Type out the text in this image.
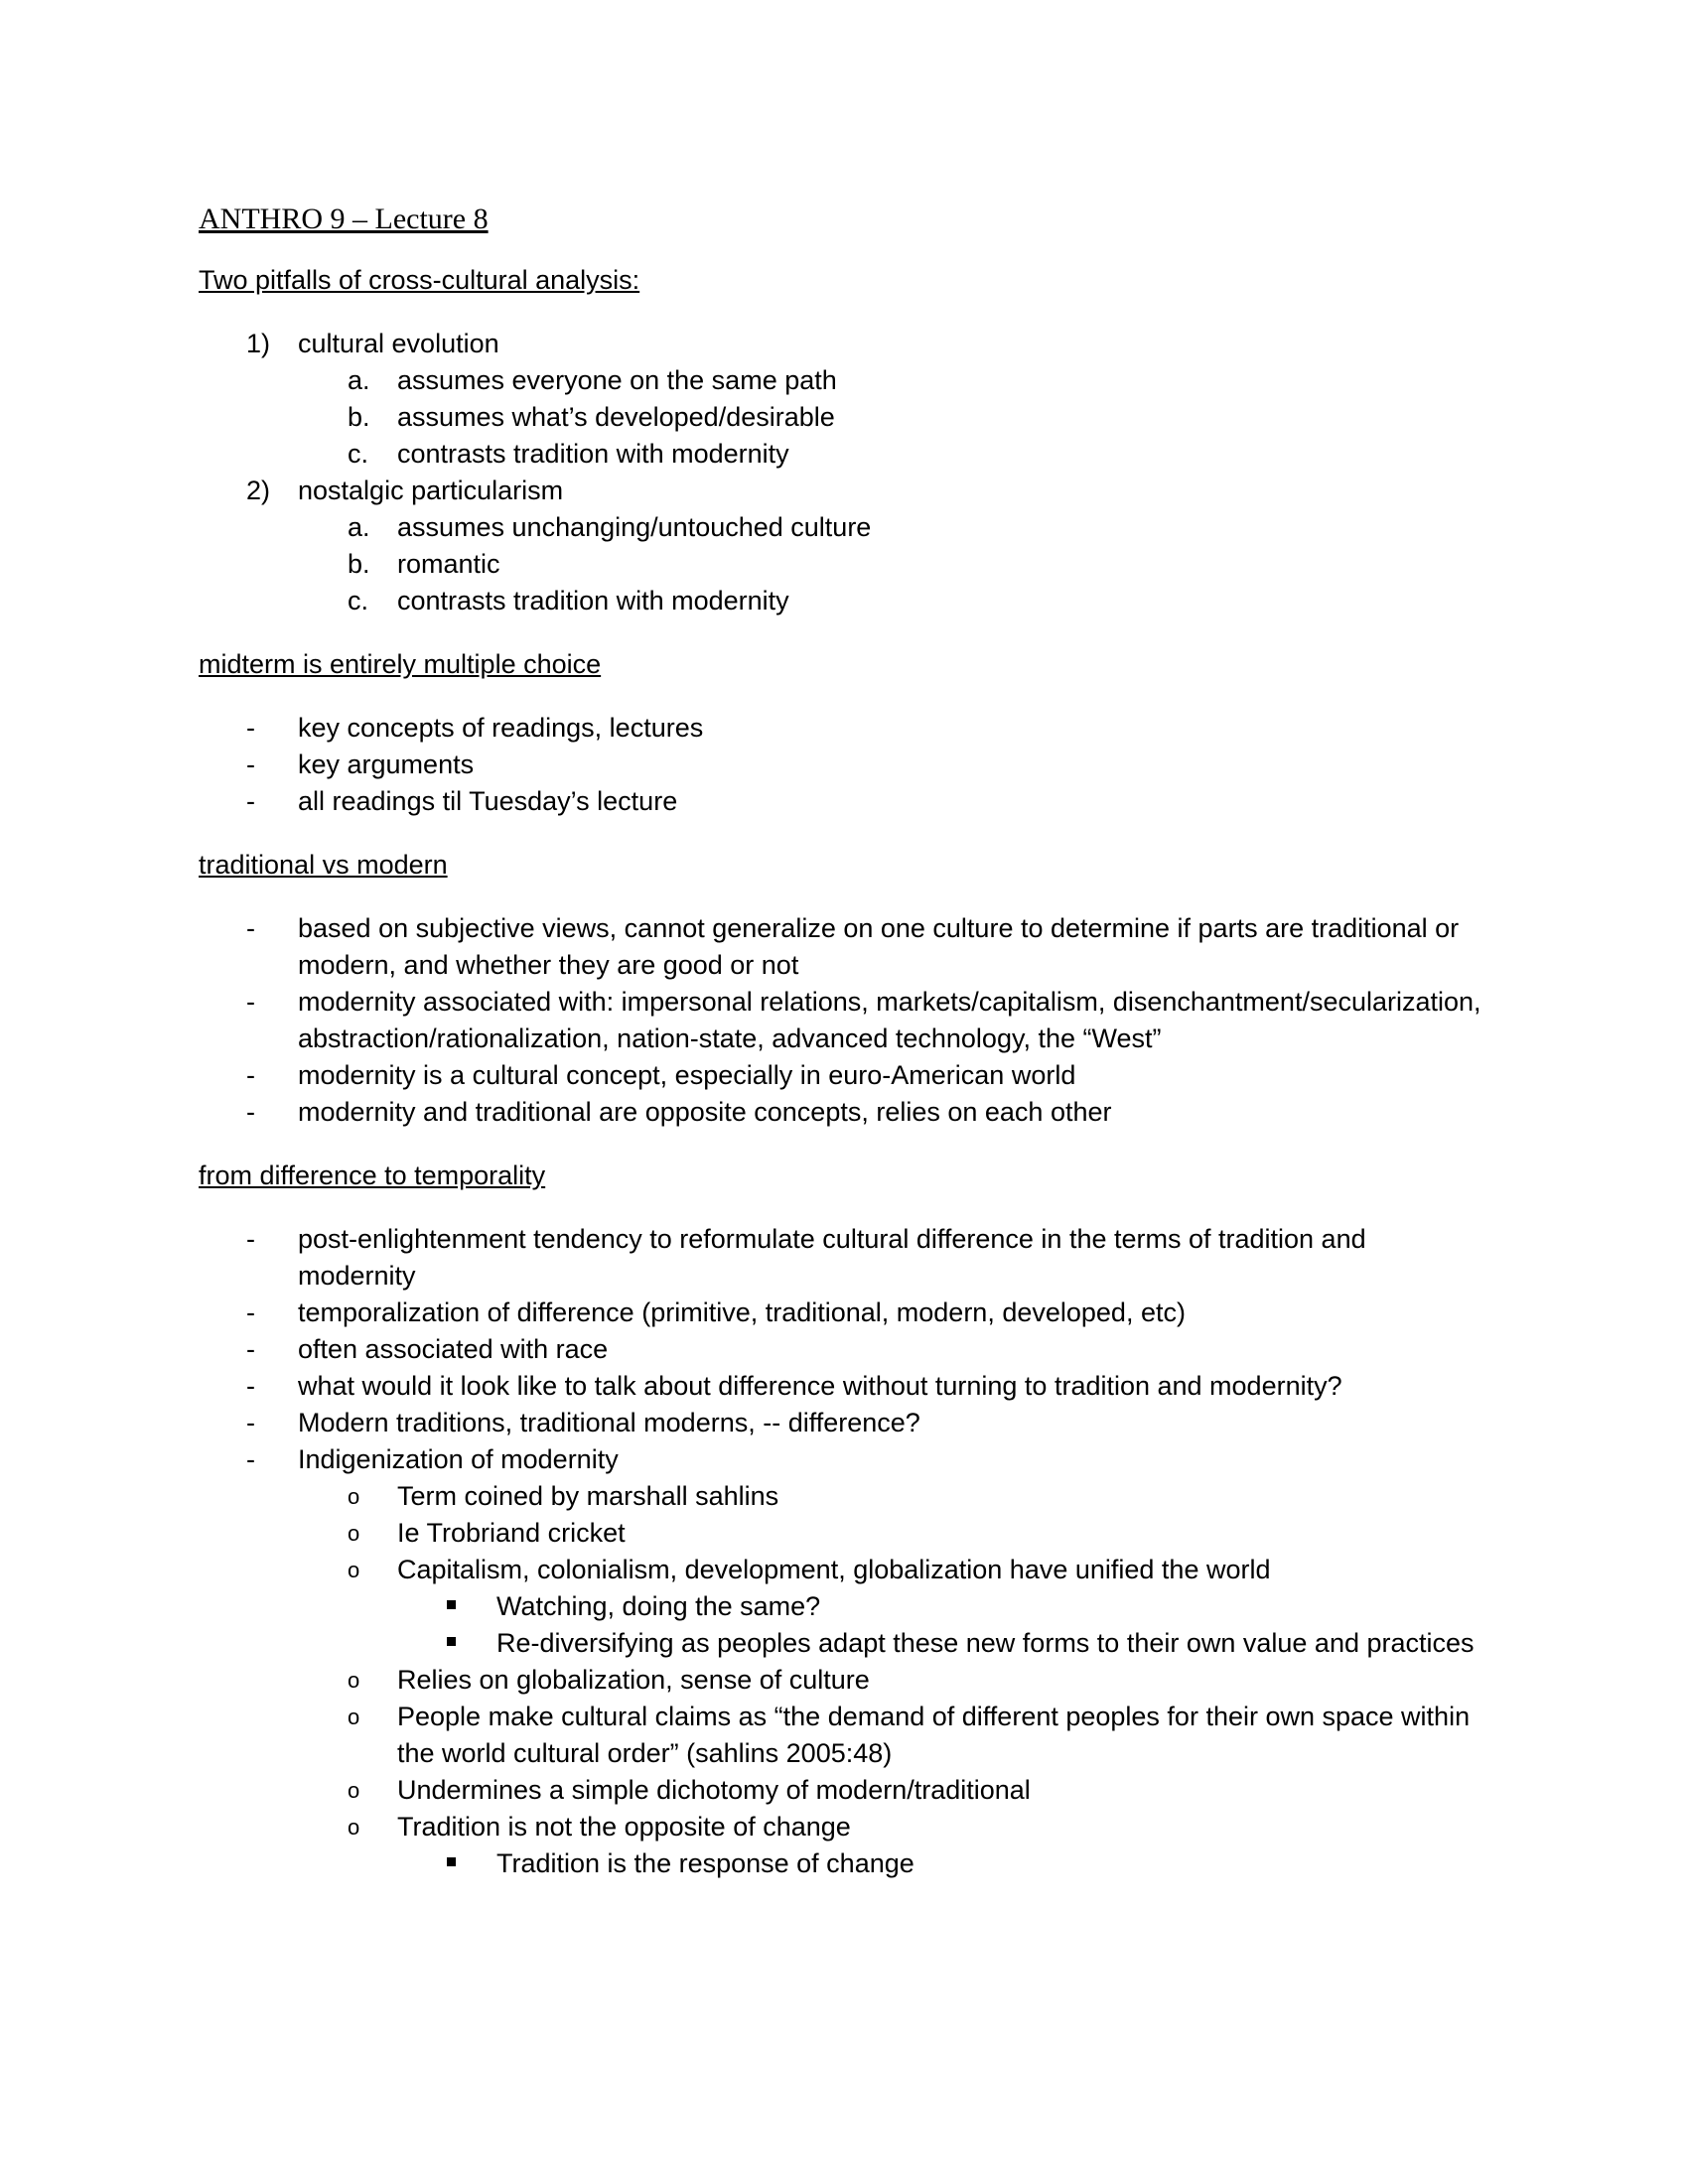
ANTHRO 9 – Lecture 8
Two pitfalls of cross-cultural analysis:
1) cultural evolution
a. assumes everyone on the same path
b. assumes what’s developed/desirable
c.	contrasts tradition with modernity
2) nostalgic particularism
a. assumes unchanging/untouched culture
b. romantic
c.	contrasts tradition with modernity
midterm is entirely multiple choice
-	key concepts of readings, lectures
-	key arguments
-	all readings til Tuesday’s lecture
traditional vs modern
-	based on subjective views, cannot generalize on one culture to determine if parts are traditional or modern, and whether they are good or not
-	modernity associated with: impersonal relations, markets/capitalism, disenchantment/secularization, abstraction/rationalization, nation-state, advanced technology, the “West”
-	modernity is a cultural concept, especially in euro-American world
-	modernity and traditional are opposite concepts, relies on each other
from difference to temporality
-	post-enlightenment tendency to reformulate cultural difference in the terms of tradition and modernity
-	temporalization of difference (primitive, traditional, modern, developed, etc)
-	often associated with race
-	what would it look like to talk about difference without turning to tradition and modernity?
-	Modern traditions, traditional moderns, -- difference?
-	Indigenization of modernity
o Term coined by marshall sahlins
o Ie Trobriand cricket
o Capitalism, colonialism, development, globalization have unified the world
Watching, doing the same?
Re-diversifying as peoples adapt these new forms to their own value and practices
o Relies on globalization, sense of culture
o People make cultural claims as “the demand of different peoples for their own space within the world cultural order” (sahlins 2005:48)
o Undermines a simple dichotomy of modern/traditional
o Tradition is not the opposite of change
Tradition is the response of change
